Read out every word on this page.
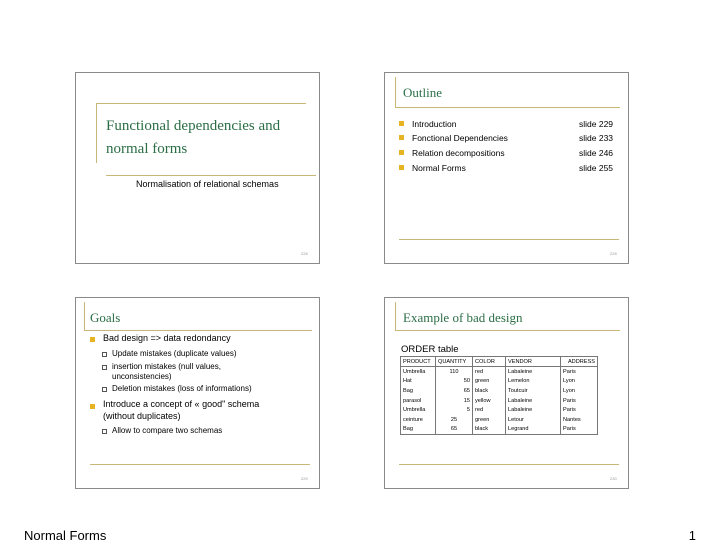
Functional dependencies and normal forms
Normalisation of relational schemas
228
Outline
Introduction	slide 229
Fonctional Dependencies	slide 233
Relation decompositions	slide 246
Normal Forms	slide 255
228
Goals
Bad design => data redondancy
Update mistakes (duplicate values)
insertion mistakes (null values,
unconsistencies)
Deletion mistakes (loss of informations)
Introduce a concept of « good" schema
(without duplicates)
Allow to compare two schemas
229
Example of bad design
ORDER table
PRODUCT	QUANTITY	COLOR	VENDOR	ADDRESS
Umbrella	110	red	Labaleine	Paris
Hat	50	green	Lemelon	Lyon
Bag	65	black	Toutcuir	Lyon
parasol	15	yellow	Labaleine	Paris
Umbrella	5	red	Labaleine	Paris
ceinture	25	green	Letour	Nantes
Bag	65	black	Legrand	Paris
230
Normal Forms	1
